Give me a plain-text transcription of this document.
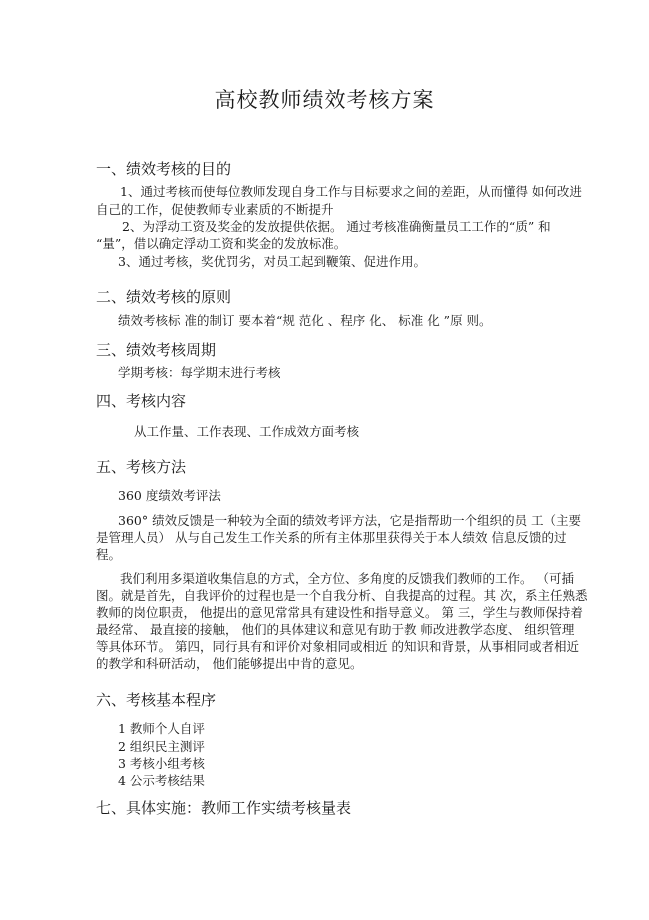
高校教师绩效考核方案
一、绩效考核的目的
1、通过考核而使每位教师发现自身工作与目标要求之间的差距，从而懂得 如何改进
自己的工作，促使教师专业素质的不断提升
2、为浮动工资及奖金的发放提供依据。 通过考核准确衡量员工工作的“质” 和
“量”，借以确定浮动工资和奖金的发放标准。
3、通过考核，奖优罚劣，对员工起到鞭策、促进作用。
二、绩效考核的原则
绩效考核标 准的制订 要本着“规 范化 、程序 化、 标准 化 ”原 则。
三、绩效考核周期
学期考核：每学期末进行考核
四、考核内容
从工作量、工作表现、工作成效方面考核
五、考核方法
360 度绩效考评法
360° 绩效反馈是一种较为全面的绩效考评方法，它是指帮助一个组织的员 工（主要
是管理人员） 从与自己发生工作关系的所有主体那里获得关于本人绩效 信息反馈的过
程。
我们利用多渠道收集信息的方式，全方位、多角度的反馈我们教师的工作。 （可插
图。就是首先，自我评价的过程也是一个自我分析、自我提高的过程。其 次，系主任熟悉
教师的岗位职责， 他提出的意见常常具有建设性和指导意义。 第 三，学生与教师保持着
最经常、 最直接的接触， 他们的具体建议和意见有助于教 师改进教学态度、 组织管理
等具体环节。 第四，同行具有和评价对象相同或相近 的知识和背景，从事相同或者相近
的教学和科研活动， 他们能够提出中肯的意见。
六、考核基本程序
1 教师个人自评
2 组织民主测评
3 考核小组考核
4 公示考核结果
七、具体实施：教师工作实绩考核量表
